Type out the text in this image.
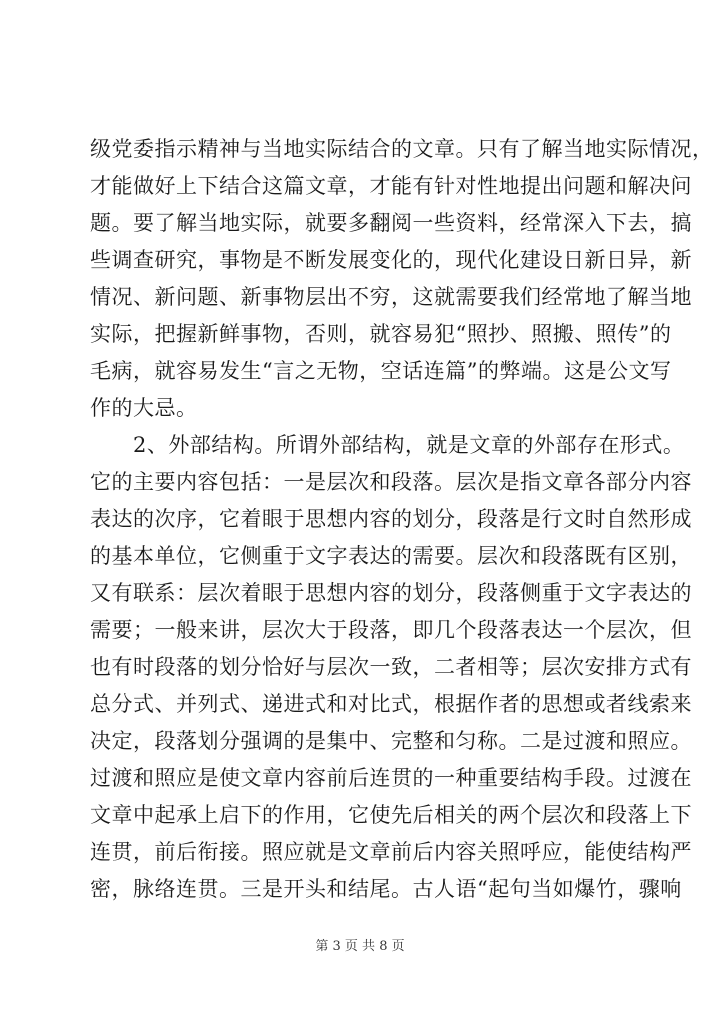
级党委指示精神与当地实际结合的文章。只有了解当地实际情况，
才能做好上下结合这篇文章，才能有针对性地提出问题和解决问
题。要了解当地实际，就要多翻阅一些资料，经常深入下去，搞
些调查研究，事物是不断发展变化的，现代化建设日新日异，新
情况、新问题、新事物层出不穷，这就需要我们经常地了解当地
实际，把握新鲜事物，否则，就容易犯“照抄、照搬、照传”的
毛病，就容易发生“言之无物，空话连篇”的弊端。这是公文写
作的大忌。
　　2、外部结构。所谓外部结构，就是文章的外部存在形式。
它的主要内容包括：一是层次和段落。层次是指文章各部分内容
表达的次序，它着眼于思想内容的划分，段落是行文时自然形成
的基本单位，它侧重于文字表达的需要。层次和段落既有区别，
又有联系：层次着眼于思想内容的划分，段落侧重于文字表达的
需要；一般来讲，层次大于段落，即几个段落表达一个层次，但
也有时段落的划分恰好与层次一致，二者相等；层次安排方式有
总分式、并列式、递进式和对比式，根据作者的思想或者线索来
决定，段落划分强调的是集中、完整和匀称。二是过渡和照应。
过渡和照应是使文章内容前后连贯的一种重要结构手段。过渡在
文章中起承上启下的作用，它使先后相关的两个层次和段落上下
连贯，前后衔接。照应就是文章前后内容关照呼应，能使结构严
密，脉络连贯。三是开头和结尾。古人语“起句当如爆竹，骤响
第 3 页 共 8 页
